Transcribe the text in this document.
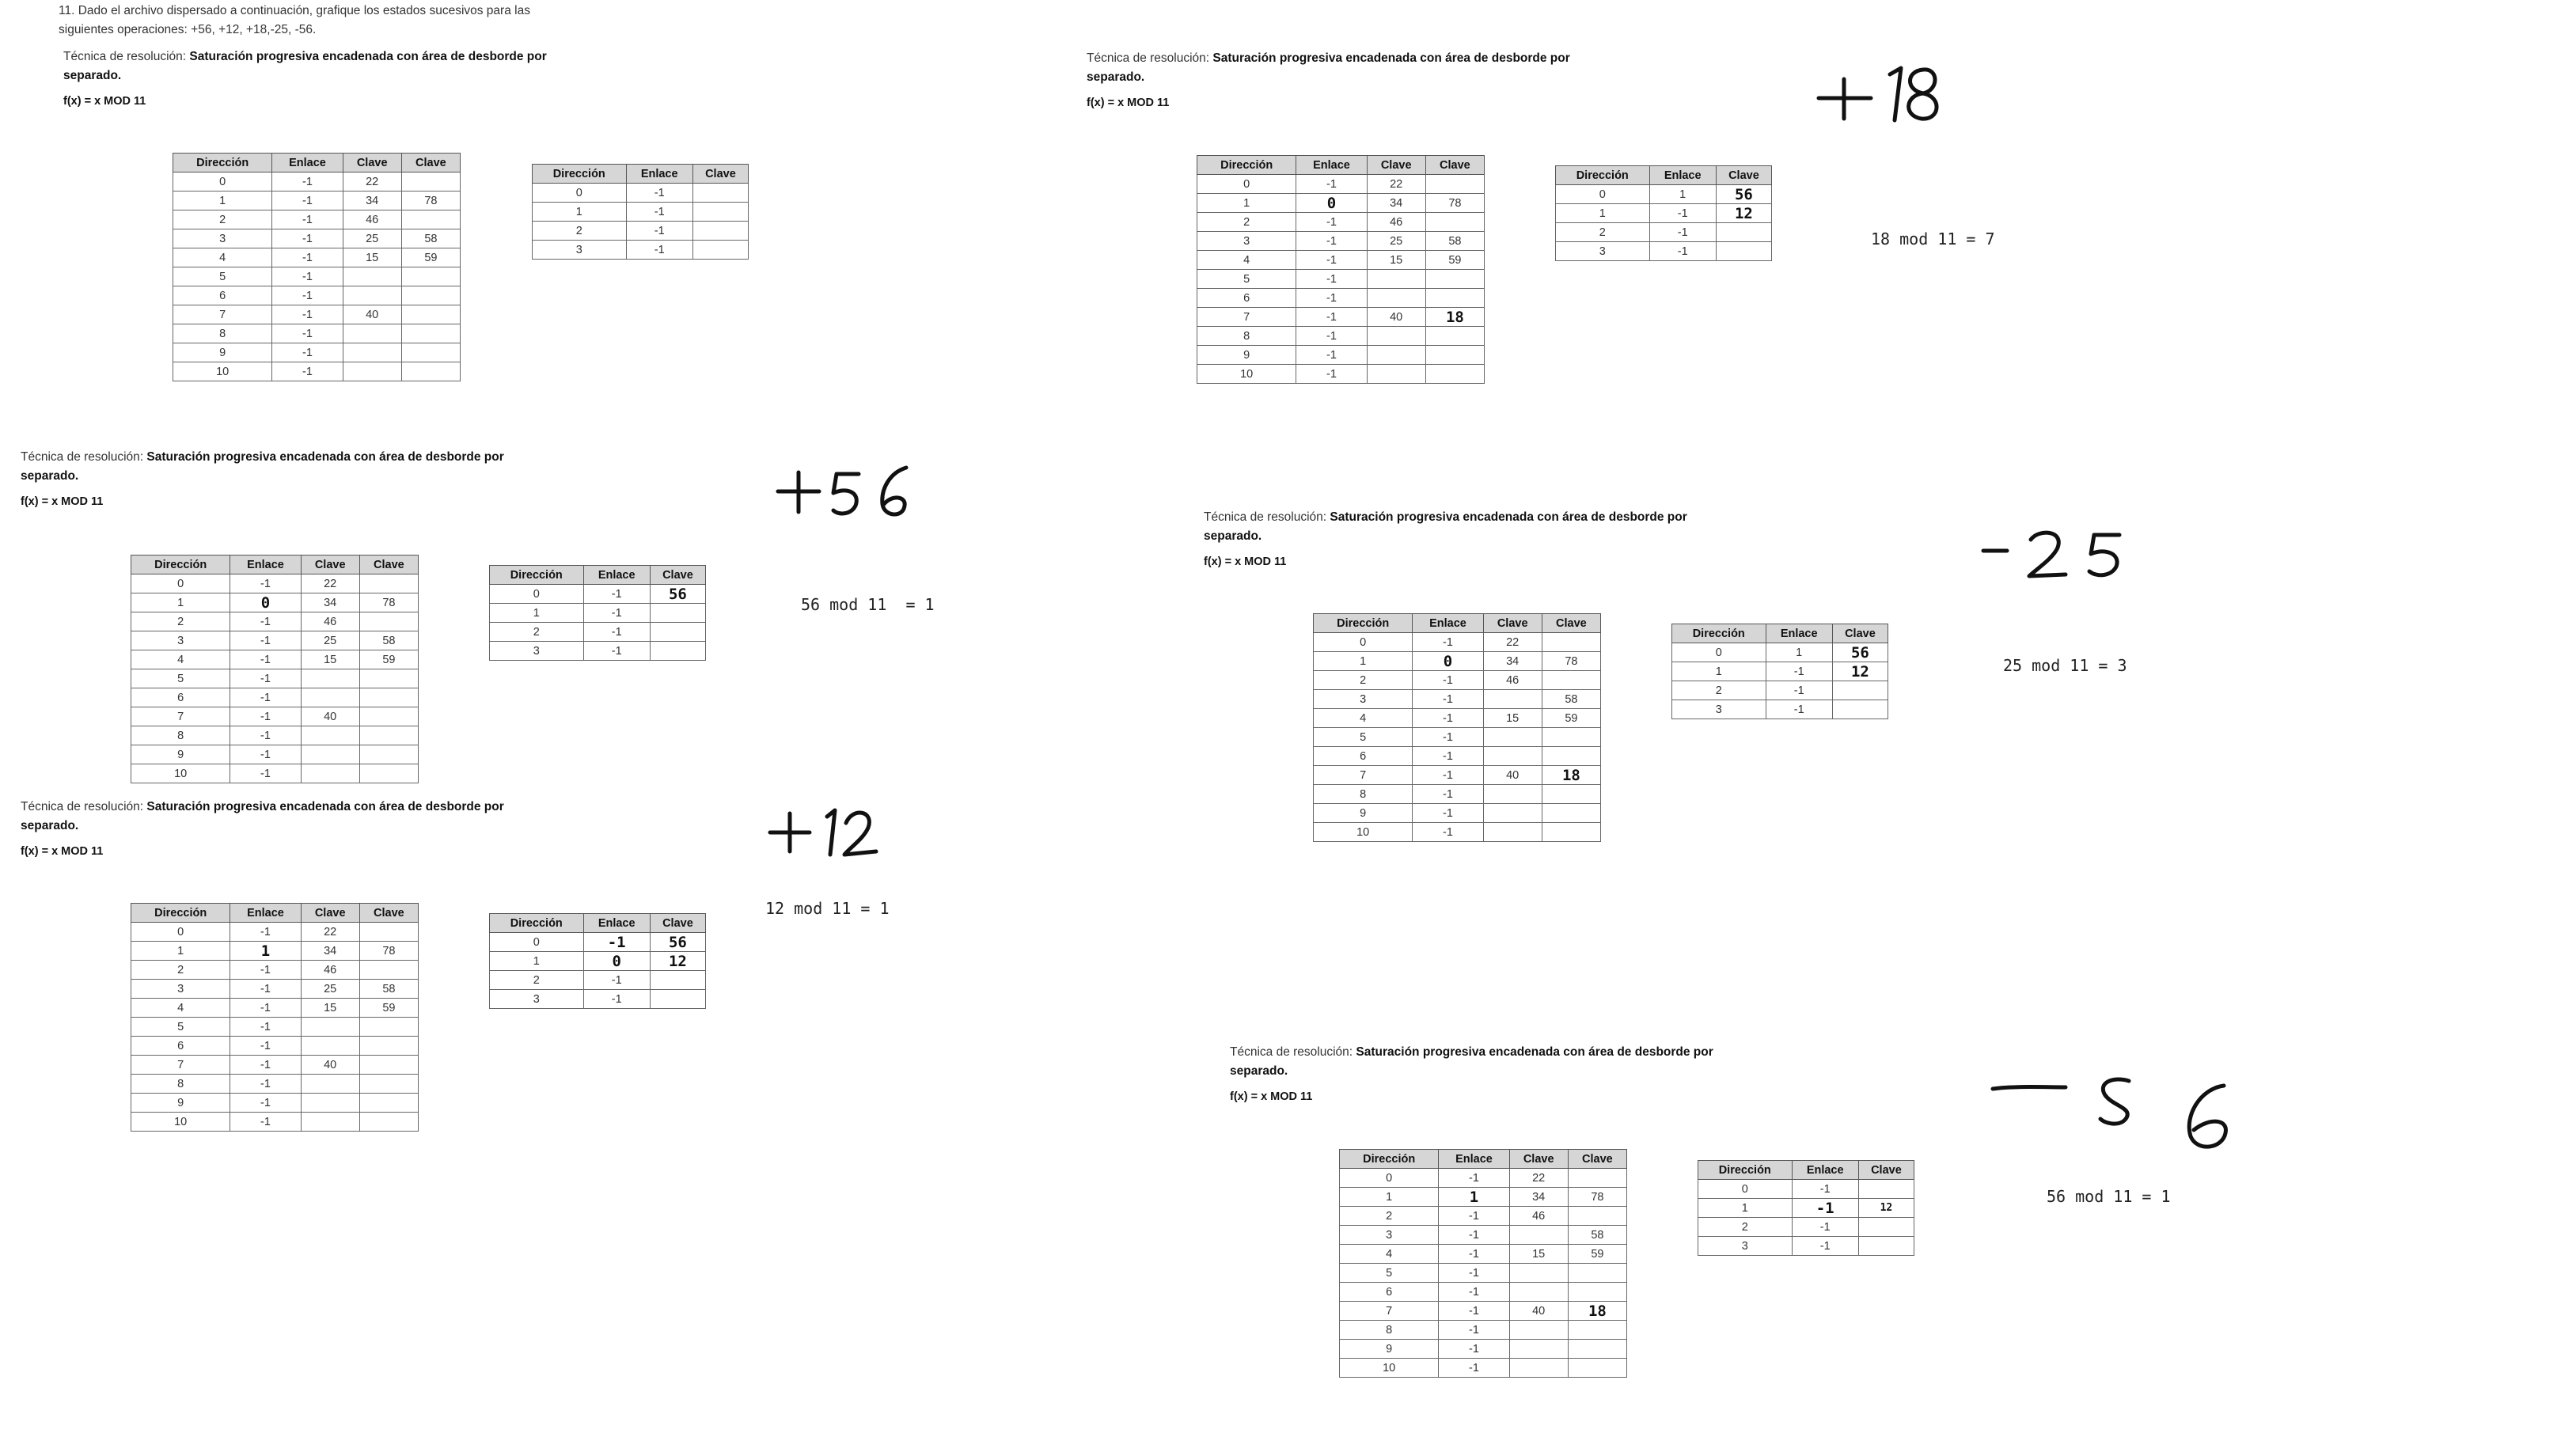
11. Dado el archivo dispersado a continuación, grafique los estados sucesivos para las
siguientes operaciones: +56, +12, +18,-25, -56.
Técnica de resolución: Saturación progresiva encadenada con área de desborde por
separado.
f(x) = x MOD 11
Dirección	Enlace	Clave	Clave
0	-1	22	
1	-1	34	78
2	-1	46	
3	-1	25	58
4	-1	15	59
5	-1		
6	-1		
7	-1	40	
8	-1		
9	-1		
10	-1		
Dirección	Enlace	Clave
0	-1	
1	-1	
2	-1	
3	-1	
Técnica de resolución: Saturación progresiva encadenada con área de desborde por
separado.
f(x) = x MOD 11
Dirección	Enlace	Clave	Clave
0	-1	22	
1	0	34	78
2	-1	46	
3	-1	25	58
4	-1	15	59
5	-1		
6	-1		
7	-1	40	
8	-1		
9	-1		
10	-1		
Dirección	Enlace	Clave
0	-1	56
1	-1	
2	-1	
3	-1	
56 mod 11  = 1
Técnica de resolución: Saturación progresiva encadenada con área de desborde por
separado.
f(x) = x MOD 11
Dirección	Enlace	Clave	Clave
0	-1	22	
1	1	34	78
2	-1	46	
3	-1	25	58
4	-1	15	59
5	-1		
6	-1		
7	-1	40	
8	-1		
9	-1		
10	-1		
Dirección	Enlace	Clave
0	-1	56
1	0	12
2	-1	
3	-1	
12 mod 11 = 1
Técnica de resolución: Saturación progresiva encadenada con área de desborde por
separado.
f(x) = x MOD 11
Dirección	Enlace	Clave	Clave
0	-1	22	
1	0	34	78
2	-1	46	
3	-1	25	58
4	-1	15	59
5	-1		
6	-1		
7	-1	40	18
8	-1		
9	-1		
10	-1		
Dirección	Enlace	Clave
0	1	56
1	-1	12
2	-1	
3	-1	
18 mod 11 = 7
Técnica de resolución: Saturación progresiva encadenada con área de desborde por
separado.
f(x) = x MOD 11
Dirección	Enlace	Clave	Clave
0	-1	22	
1	0	34	78
2	-1	46	
3	-1		58
4	-1	15	59
5	-1		
6	-1		
7	-1	40	18
8	-1		
9	-1		
10	-1		
Dirección	Enlace	Clave
0	1	56
1	-1	12
2	-1	
3	-1	
25 mod 11 = 3
Técnica de resolución: Saturación progresiva encadenada con área de desborde por
separado.
f(x) = x MOD 11
Dirección	Enlace	Clave	Clave
0	-1	22	
1	1	34	78
2	-1	46	
3	-1		58
4	-1	15	59
5	-1		
6	-1		
7	-1	40	18
8	-1		
9	-1		
10	-1		
Dirección	Enlace	Clave
0	-1	
1	-1	12
2	-1	
3	-1	
56 mod 11 = 1
